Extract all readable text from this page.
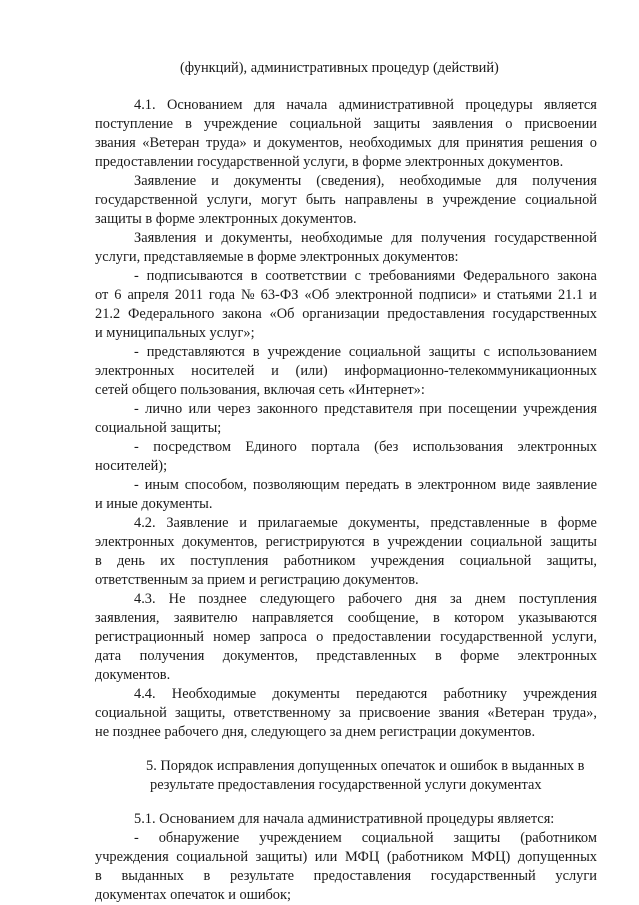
(функций), административных процедур (действий)
4.1. Основанием для начала административной процедуры является
поступление в учреждение социальной защиты заявления о присвоении
звания «Ветеран труда» и документов, необходимых для принятия решения о
предоставлении государственной услуги, в форме электронных документов.
Заявление и документы (сведения), необходимые для получения
государственной услуги, могут быть направлены в учреждение социальной
защиты в форме электронных документов.
Заявления и документы, необходимые для получения государственной
услуги, представляемые в форме электронных документов:
- подписываются в соответствии с требованиями Федерального закона
от 6 апреля 2011 года № 63-ФЗ «Об электронной подписи» и статьями 21.1 и
21.2 Федерального закона «Об организации предоставления государственных
и муниципальных услуг»;
- представляются в учреждение социальной защиты с использованием
электронных носителей и (или) информационно-телекоммуникационных
сетей общего пользования, включая сеть «Интернет»:
- лично или через законного представителя при посещении учреждения
социальной защиты;
- посредством Единого портала (без использования электронных
носителей);
- иным способом, позволяющим передать в электронном виде заявление
и иные документы.
4.2. Заявление и прилагаемые документы, представленные в форме
электронных документов, регистрируются в учреждении социальной защиты
в день их поступления работником учреждения социальной защиты,
ответственным за прием и регистрацию документов.
4.3. Не позднее следующего рабочего дня за днем поступления
заявления, заявителю направляется сообщение, в котором указываются
регистрационный номер запроса о предоставлении государственной услуги,
дата получения документов, представленных в форме электронных
документов.
4.4. Необходимые документы передаются работнику учреждения
социальной защиты, ответственному за присвоение звания «Ветеран труда»,
не позднее рабочего дня, следующего за днем регистрации документов.
5. Порядок исправления допущенных опечаток и ошибок в выданных в
результате предоставления государственной услуги документах
5.1. Основанием для начала административной процедуры является:
- обнаружение учреждением социальной защиты (работником
учреждения социальной защиты) или МФЦ (работником МФЦ) допущенных
в выданных в результате предоставления государственный услуги
документах опечаток и ошибок;
